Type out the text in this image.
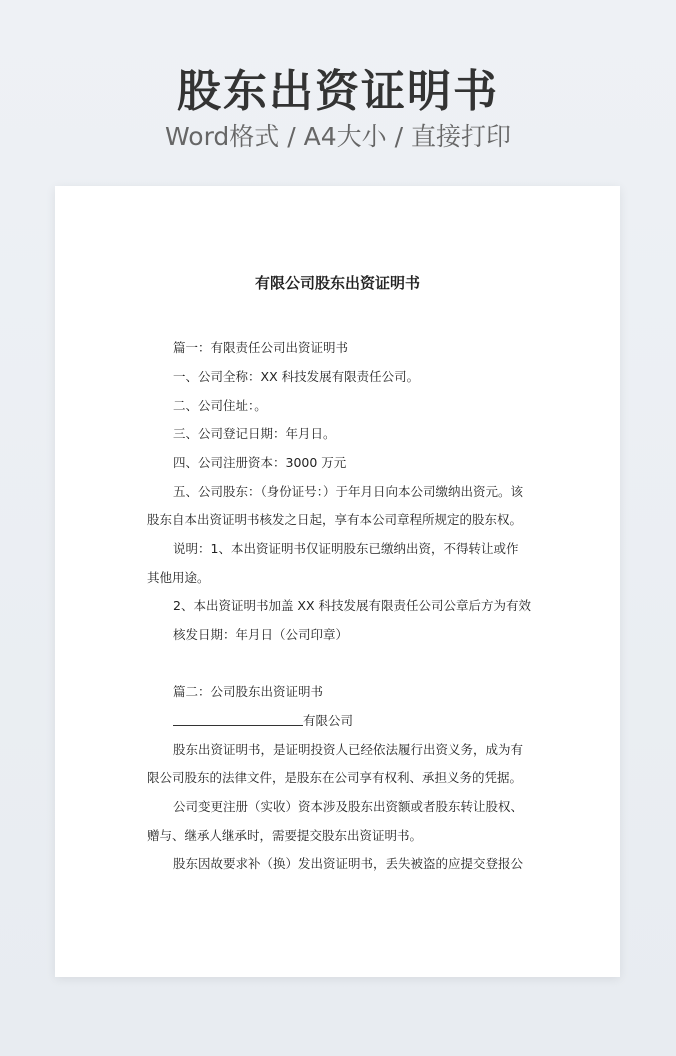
股东出资证明书
Word格式 / A4大小 / 直接打印
有限公司股东出资证明书
篇一：有限责任公司出资证明书
一、公司全称：XX 科技发展有限责任公司。
二、公司住址：。
三、公司登记日期：年月日。
四、公司注册资本：3000 万元
五、公司股东：（身份证号：）于年月日向本公司缴纳出资元。该
股东自本出资证明书核发之日起，享有本公司章程所规定的股东权。
说明：1、本出资证明书仅证明股东已缴纳出资，不得转让或作
其他用途。
2、本出资证明书加盖 XX 科技发展有限责任公司公章后方为有效
核发日期：年月日（公司印章）
篇二：公司股东出资证明书
有限公司
股东出资证明书，是证明投资人已经依法履行出资义务，成为有
限公司股东的法律文件，是股东在公司享有权利、承担义务的凭据。
公司变更注册（实收）资本涉及股东出资额或者股东转让股权、
赠与、继承人继承时，需要提交股东出资证明书。
股东因故要求补（换）发出资证明书，丢失被盗的应提交登报公
